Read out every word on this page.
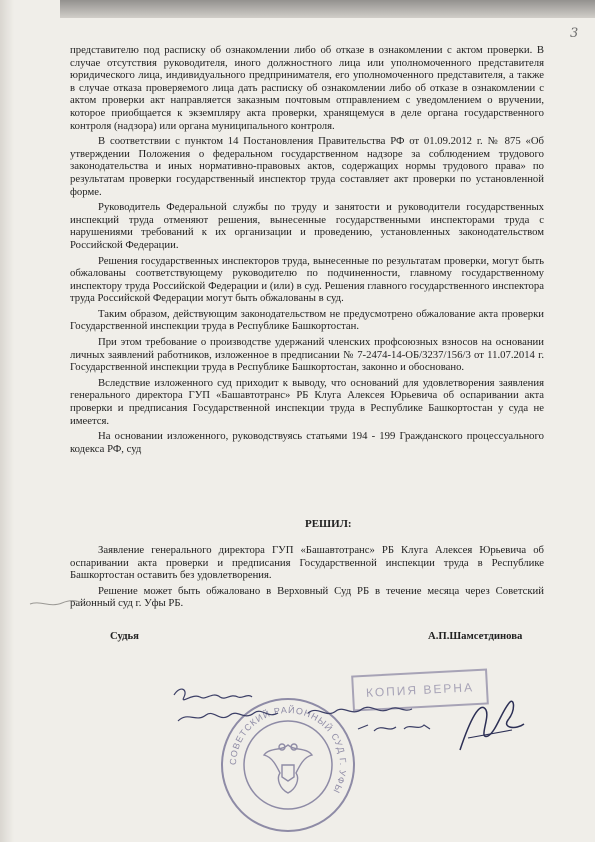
3

представителю под расписку об ознакомлении либо об отказе в ознакомлении с актом проверки. В случае отсутствия руководителя, иного должностного лица или уполномоченного представителя юридического лица, индивидуального предпринимателя, его уполномоченного представителя, а также в случае отказа проверяемого лица дать расписку об ознакомлении либо об отказе в ознакомлении с актом проверки акт направляется заказным почтовым отправлением с уведомлением о вручении, которое приобщается к экземпляру акта проверки, хранящемуся в деле органа государственного контроля (надзора) или органа муниципального контроля.

В соответствии с пунктом 14 Постановления Правительства РФ от 01.09.2012 г. № 875 «Об утверждении Положения о федеральном государственном надзоре за соблюдением трудового законодательства и иных нормативно-правовых актов, содержащих нормы трудового права» по результатам проверки государственный инспектор труда составляет акт проверки по установленной форме.

Руководитель Федеральной службы по труду и занятости и руководители государственных инспекций труда отменяют решения, вынесенные государственными инспекторами труда с нарушениями требований к их организации и проведению, установленных законодательством Российской Федерации.

Решения государственных инспекторов труда, вынесенные по результатам проверки, могут быть обжалованы соответствующему руководителю по подчиненности, главному государственному инспектору труда Российской Федерации и (или) в суд. Решения главного государственного инспектора труда Российской Федерации могут быть обжалованы в суд.

Таким образом, действующим законодательством не предусмотрено обжалование акта проверки Государственной инспекции труда в Республике Башкортостан.

При этом требование о производстве удержаний членских профсоюзных взносов на основании личных заявлений работников, изложенное в предписании № 7-2474-14-ОБ/3237/156/3 от 11.07.2014 г. Государственной инспекции труда в Республике Башкортостан, законно и обосновано.

Вследствие изложенного суд приходит к выводу, что оснований для удовлетворения заявления генерального директора ГУП «Башавтотранс» РБ Клуга Алексея Юрьевича об оспаривании акта проверки и предписания Государственной инспекции труда в Республике Башкортостан у суда не имеется.

На основании изложенного, руководствуясь статьями 194 - 199 Гражданского процессуального кодекса РФ, суд

РЕШИЛ:

Заявление генерального директора ГУП «Башавтотранс» РБ Клуга Алексея Юрьевича об оспаривании акта проверки и предписания Государственной инспекции труда в Республике Башкортостан оставить без удовлетворения.

Решение может быть обжаловано в Верховный Суд РБ в течение месяца через Советский районный суд г. Уфы РБ.

Судья	А.П.Шамсетдинова
КОПИЯ ВЕРНА
СОВЕТСКИЙ РАЙОННЫЙ СУД Г. УФЫ
